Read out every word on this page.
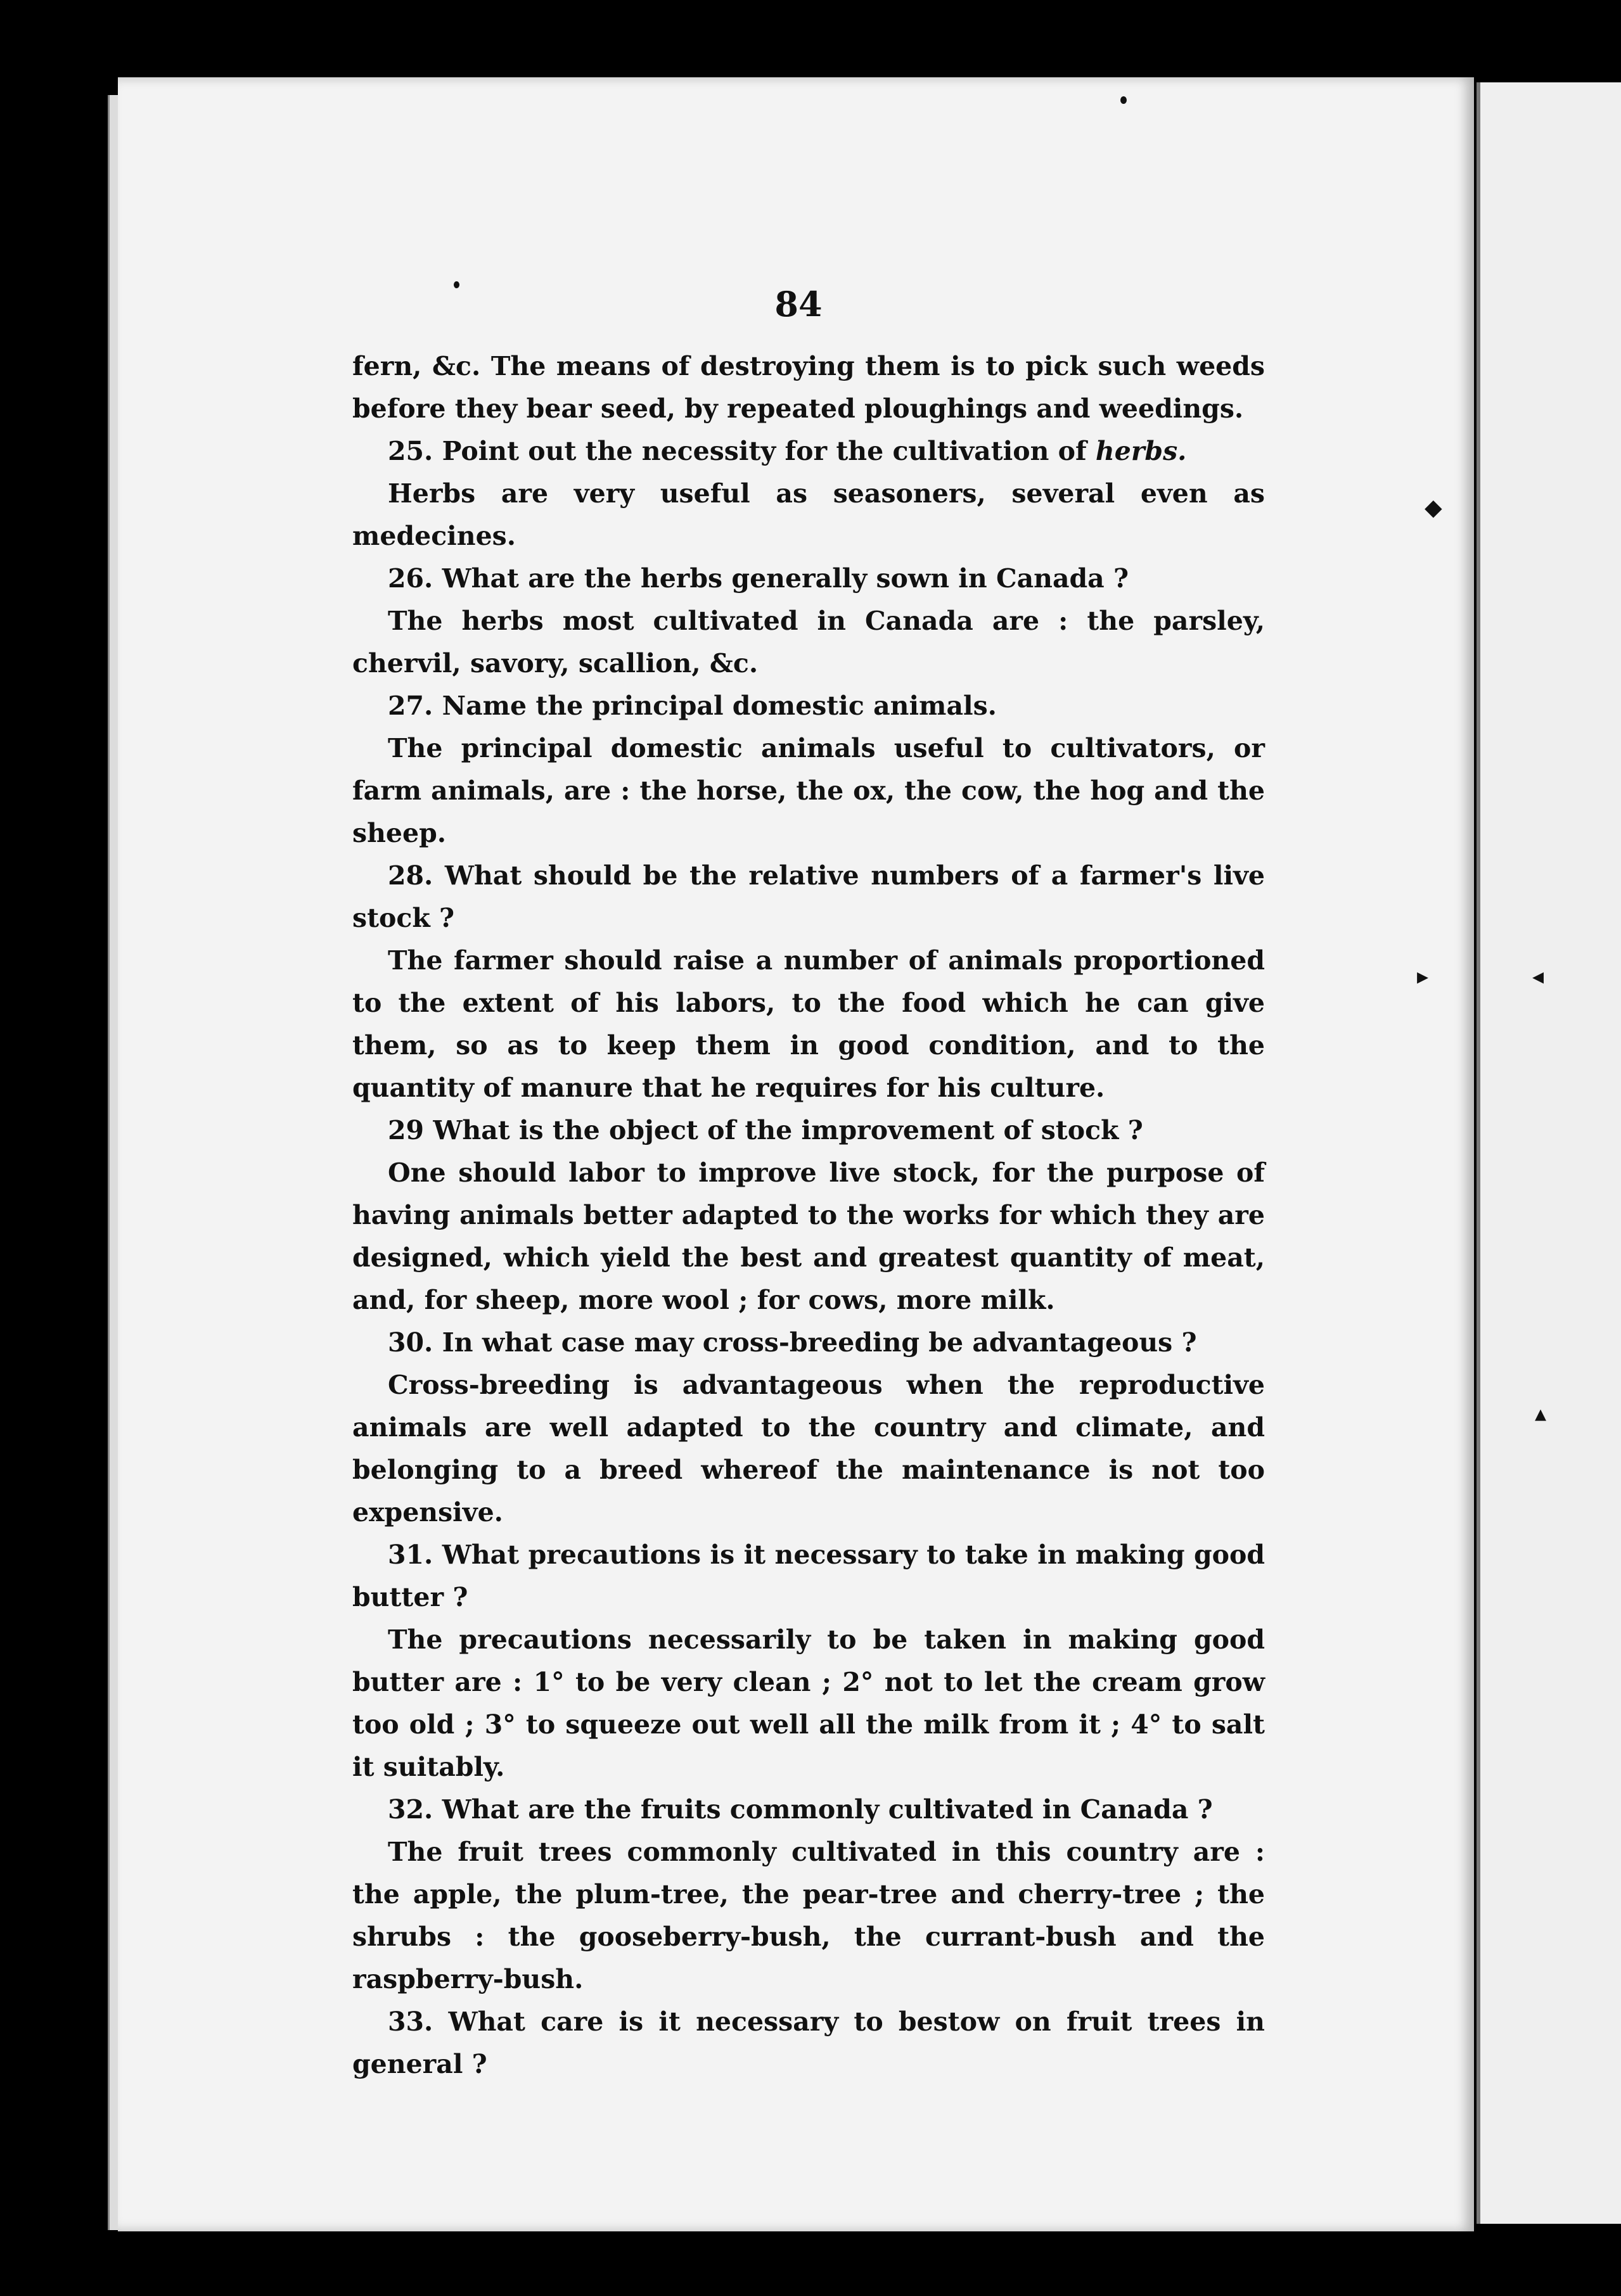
◆
▸	◂
▴
84

fern, &c. The means of destroying them is to pick such weeds before they bear seed, by repeated ploughings and weedings.

25. Point out the necessity for the cultivation of herbs.

Herbs are very useful as seasoners, several even as medecines.

26. What are the herbs generally sown in Canada ?

The herbs most cultivated in Canada are : the parsley, chervil, savory, scallion, &c.

27. Name the principal domestic animals.

The principal domestic animals useful to cultivators, or farm animals, are : the horse, the ox, the cow, the hog and the sheep.

28. What should be the relative numbers of a farmer's live stock ?

The farmer should raise a number of animals proportioned to the extent of his labors, to the food which he can give them, so as to keep them in good condition, and to the quantity of manure that he requires for his culture.

29 What is the object of the improvement of stock ?

One should labor to improve live stock, for the purpose of having animals better adapted to the works for which they are designed, which yield the best and greatest quantity of meat, and, for sheep, more wool ; for cows, more milk.

30. In what case may cross-breeding be advantageous ?

Cross-breeding is advantageous when the reproductive animals are well adapted to the country and climate, and belonging to a breed whereof the maintenance is not too expensive.

31. What precautions is it necessary to take in making good butter ?

The precautions necessarily to be taken in making good butter are : 1° to be very clean ; 2° not to let the cream grow too old ; 3° to squeeze out well all the milk from it ; 4° to salt it suitably.

32. What are the fruits commonly cultivated in Canada ?

The fruit trees commonly cultivated in this country are : the apple, the plum-tree, the pear-tree and cherry-tree ; the shrubs : the gooseberry-bush, the currant-bush and the raspberry-bush.

33. What care is it necessary to bestow on fruit trees in general ?
